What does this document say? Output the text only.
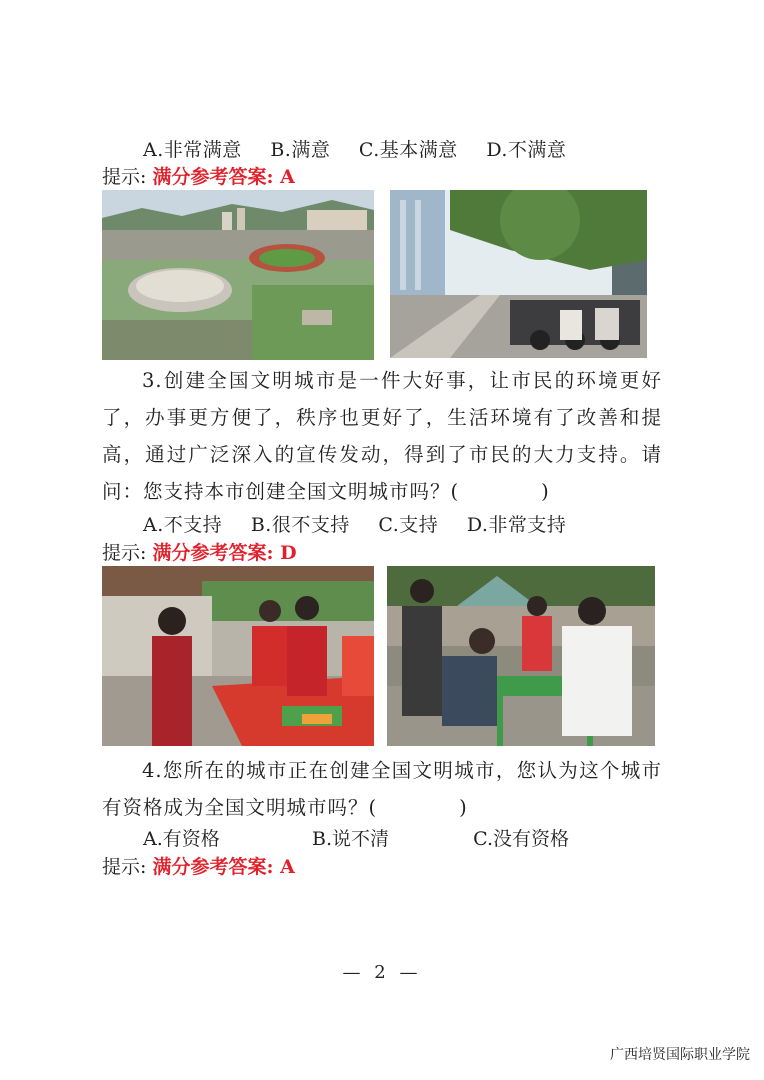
A.非常满意 B.满意 C.基本满意 D.不满意
提示: 满分参考答案: A
3.创建全国文明城市是一件大好事，让市民的环境更好了，办事更方便了，秩序也更好了，生活环境有了改善和提高，通过广泛深入的宣传发动，得到了市民的大力支持。请问：您支持本市创建全国文明城市吗？(　　　　)
A.不支持 B.很不支持 C.支持 D.非常支持
提示: 满分参考答案: D
4.您所在的城市正在创建全国文明城市，您认为这个城市有资格成为全国文明城市吗？(　　　　)
A.有资格	B.说不清	C.没有资格
提示: 满分参考答案: A
— 2 —
广西培贤国际职业学院
